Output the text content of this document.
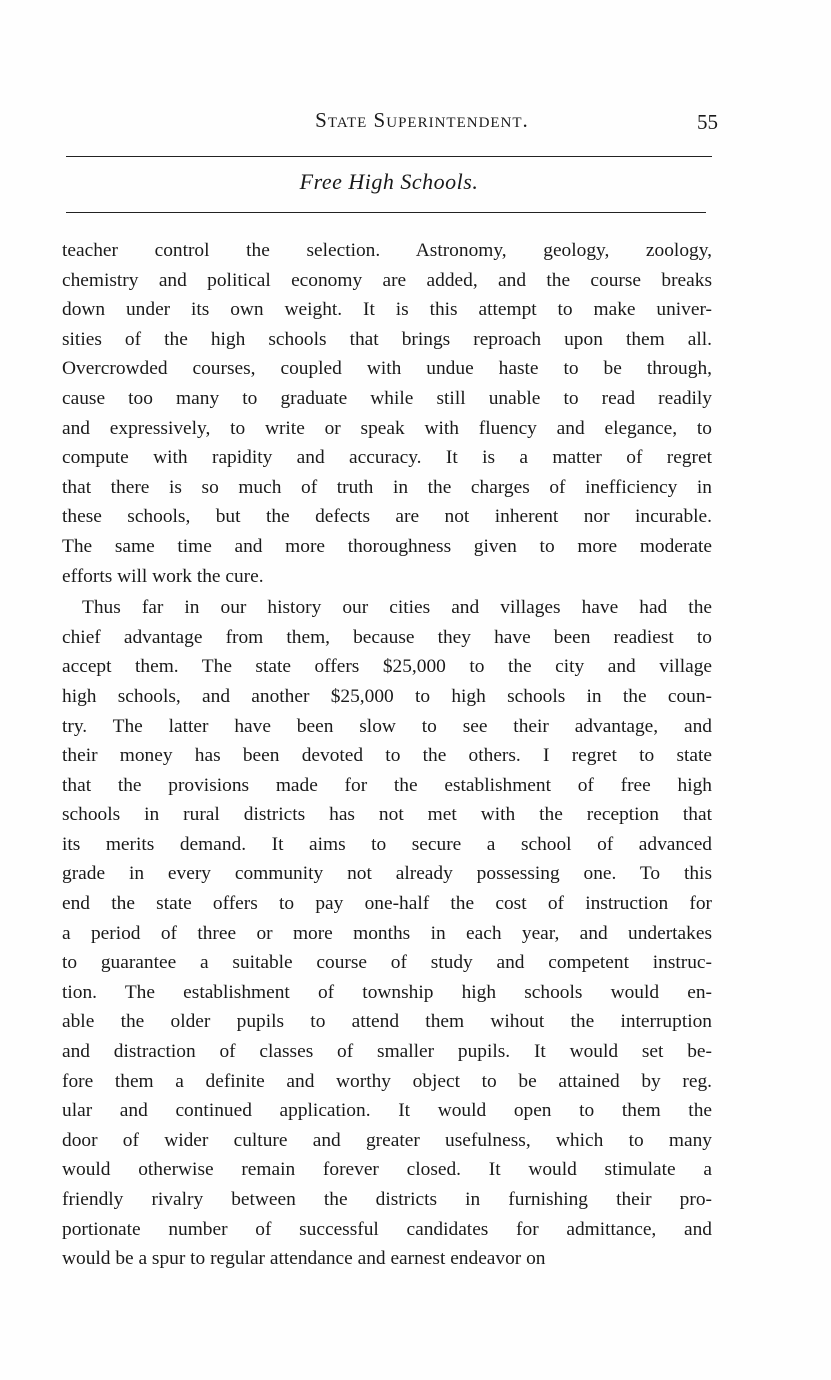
State Superintendent.	55
Free High Schools.
teacher control the selection. Astronomy, geology, zoology,
chemistry and political economy are added, and the course breaks
down under its own weight. It is this attempt to make univer-
sities of the high schools that brings reproach upon them all.
Overcrowded courses, coupled with undue haste to be through,
cause too many to graduate while still unable to read readily
and expressively, to write or speak with fluency and elegance, to
compute with rapidity and accuracy. It is a matter of regret
that there is so much of truth in the charges of inefficiency in
these schools, but the defects are not inherent nor incurable.
The same time and more thoroughness given to more moderate
efforts will work the cure.
Thus far in our history our cities and villages have had the
chief advantage from them, because they have been readiest to
accept them. The state offers $25,000 to the city and village
high schools, and another $25,000 to high schools in the coun-
try. The latter have been slow to see their advantage, and
their money has been devoted to the others. I regret to state
that the provisions made for the establishment of free high
schools in rural districts has not met with the reception that
its merits demand. It aims to secure a school of advanced
grade in every community not already possessing one. To this
end the state offers to pay one-half the cost of instruction for
a period of three or more months in each year, and undertakes
to guarantee a suitable course of study and competent instruc-
tion. The establishment of township high schools would en-
able the older pupils to attend them wihout the interruption
and distraction of classes of smaller pupils. It would set be-
fore them a definite and worthy object to be attained by reg.
ular and continued application. It would open to them the
door of wider culture and greater usefulness, which to many
would otherwise remain forever closed. It would stimulate a
friendly rivalry between the districts in furnishing their pro-
portionate number of successful candidates for admittance, and
would be a spur to regular attendance and earnest endeavor on
